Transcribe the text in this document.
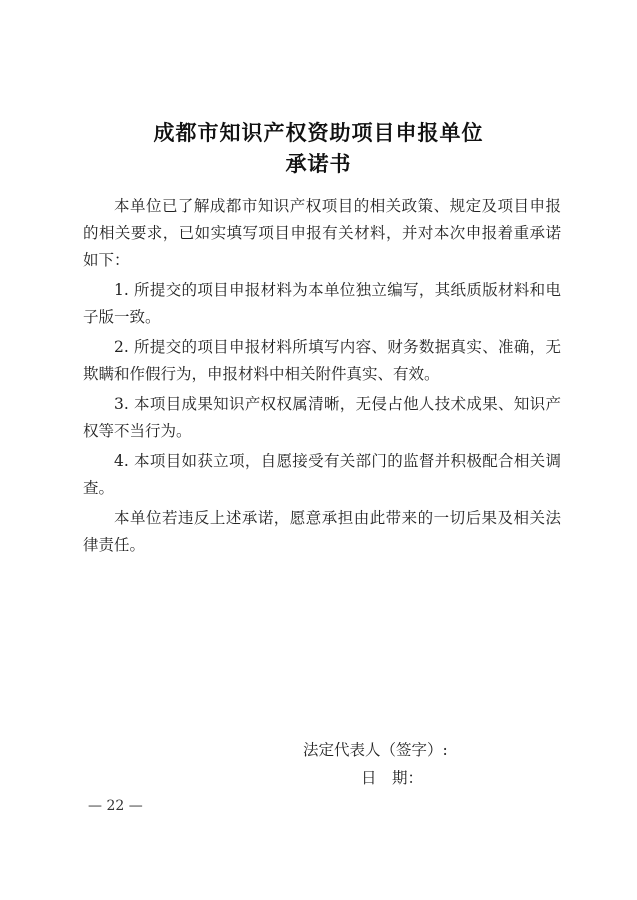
成都市知识产权资助项目申报单位
承诺书

本单位已了解成都市知识产权项目的相关政策、规定及项目申报的相关要求，已如实填写项目申报有关材料，并对本次申报着重承诺如下：

1. 所提交的项目申报材料为本单位独立编写，其纸质版材料和电子版一致。

2. 所提交的项目申报材料所填写内容、财务数据真实、准确，无欺瞒和作假行为，申报材料中相关附件真实、有效。

3. 本项目成果知识产权权属清晰，无侵占他人技术成果、知识产权等不当行为。

4. 本项目如获立项，自愿接受有关部门的监督并积极配合相关调查。

本单位若违反上述承诺，愿意承担由此带来的一切后果及相关法律责任。

法定代表人（签字）:
日　期：
— 22 —
